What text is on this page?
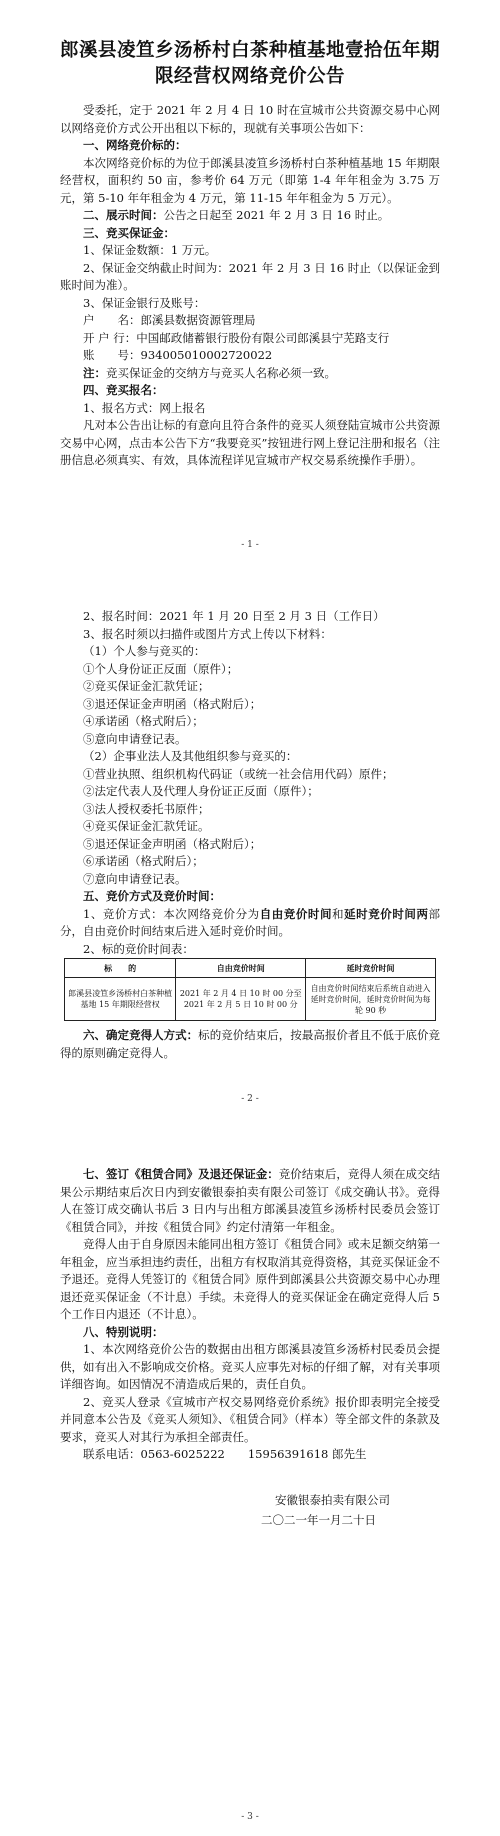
郎溪县凌笪乡汤桥村白茶种植基地壹拾伍年期
限经营权网络竞价公告
受委托，定于 2021 年 2 月 4 日 10 时在宣城市公共资源交易中心网以网络竞价方式公开出租以下标的，现就有关事项公告如下：
一、网络竞价标的：
本次网络竞价标的为位于郎溪县凌笪乡汤桥村白茶种植基地 15 年期限经营权，面积约 50 亩，参考价 64 万元（即第 1-4 年年租金为 3.75 万元，第 5-10 年年租金为 4 万元，第 11-15 年年租金为 5 万元）。
二、展示时间：公告之日起至 2021 年 2 月 3 日 16 时止。
三、竞买保证金：
1、保证金数额：1 万元。
2、保证金交纳截止时间为：2021 年 2 月 3 日 16 时止（以保证金到账时间为准）。
3、保证金银行及账号：
户　　名：郎溪县数据资源管理局
开 户 行：中国邮政储蓄银行股份有限公司郎溪县宁芜路支行
账　　号：934005010002720022
注：竞买保证金的交纳方与竞买人名称必须一致。
四、竞买报名：
1、报名方式：网上报名
凡对本公告出让标的有意向且符合条件的竞买人须登陆宣城市公共资源交易中心网，点击本公告下方“我要竞买”按钮进行网上登记注册和报名（注册信息必须真实、有效，具体流程详见宣城市产权交易系统操作手册）。
- 1 -
2、报名时间：2021 年 1 月 20 日至 2 月 3 日（工作日）
3、报名时须以扫描件或图片方式上传以下材料：
（1）个人参与竞买的：
①个人身份证正反面（原件）；
②竞买保证金汇款凭证；
③退还保证金声明函（格式附后）；
④承诺函（格式附后）；
⑤意向申请登记表。
（2）企事业法人及其他组织参与竞买的：
①营业执照、组织机构代码证（或统一社会信用代码）原件；
②法定代表人及代理人身份证正反面（原件）；
③法人授权委托书原件；
④竞买保证金汇款凭证。
⑤退还保证金声明函（格式附后）；
⑥承诺函（格式附后）；
⑦意向申请登记表。
五、竞价方式及竞价时间：
1、竞价方式：本次网络竞价分为自由竞价时间和延时竞价时间两部分，自由竞价时间结束后进入延时竞价时间。
2、标的竞价时间表：
标　　的	自由竞价时间	延时竞价时间
郎溪县凌笪乡汤桥村白茶种植基地 15 年期限经营权	2021 年 2 月 4 日 10 时 00 分至 2021 年 2 月 5 日 10 时 00 分	自由竞价时间结束后系统自动进入延时竞价时间，延时竞价时间为每轮 90 秒
六、确定竞得人方式：标的竞价结束后，按最高报价者且不低于底价竞得的原则确定竞得人。
- 2 -
七、签订《租赁合同》及退还保证金：竞价结束后，竞得人须在成交结果公示期结束后次日内到安徽银泰拍卖有限公司签订《成交确认书》。竞得人在签订成交确认书后 3 日内与出租方郎溪县凌笪乡汤桥村民委员会签订《租赁合同》，并按《租赁合同》约定付清第一年租金。
竞得人由于自身原因未能同出租方签订《租赁合同》或未足额交纳第一年租金，应当承担违约责任，出租方有权取消其竞得资格，其竞买保证金不予退还。竞得人凭签订的《租赁合同》原件到郎溪县公共资源交易中心办理退还竞买保证金（不计息）手续。未竞得人的竞买保证金在确定竞得人后 5 个工作日内退还（不计息）。
八、特别说明：
1、本次网络竞价公告的数据由出租方郎溪县凌笪乡汤桥村民委员会提供，如有出入不影响成交价格。竞买人应事先对标的仔细了解，对有关事项详细咨询。如因情况不清造成后果的，责任自负。
2、竞买人登录《宣城市产权交易网络竞价系统》报价即表明完全接受并同意本公告及《竞买人须知》、《租赁合同》（样本）等全部文件的条款及要求，竞买人对其行为承担全部责任。
联系电话：0563-6025222　　15956391618 郎先生
安徽银泰拍卖有限公司
二〇二一年一月二十日
- 3 -
